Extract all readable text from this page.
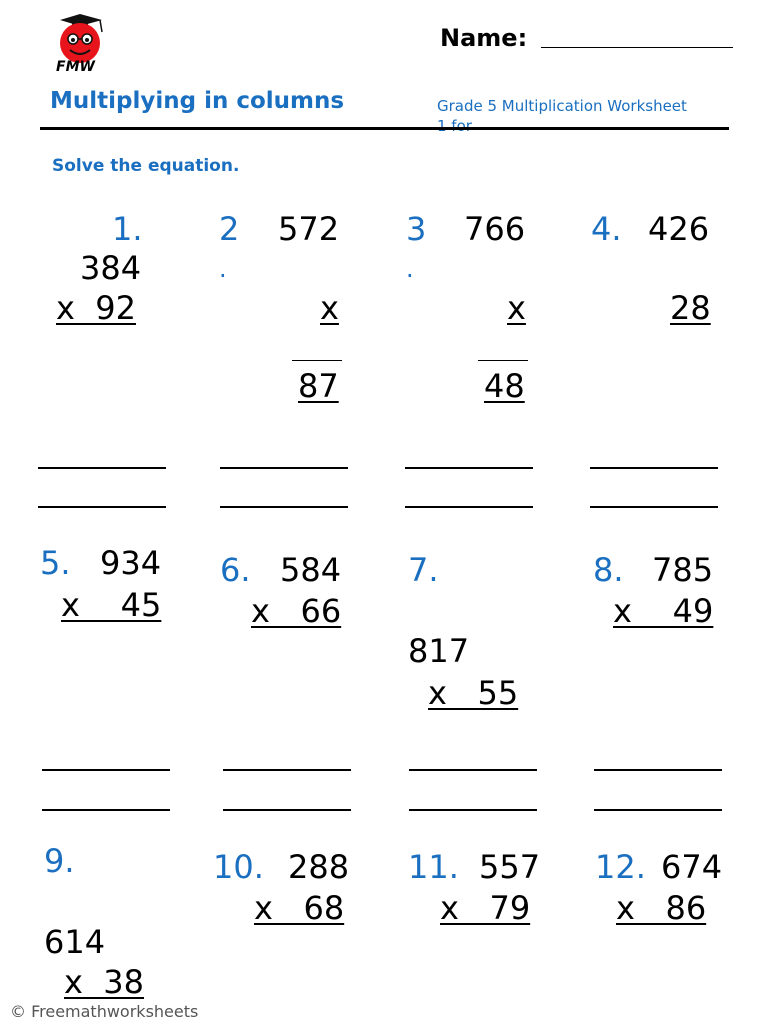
FMW
Name:
Multiplying in columns	Grade 5 Multiplication Worksheet 1 for
Solve the equation.
1.
384
x  92
2
.
572
x
87
3
.
766
x
48
4. 426
28
5. 934
x    45
6. 584
x   66
7.
817
x   55
8. 785
x    49
9.
614
x  38
10. 288
x   68
11. 557
x   79
12. 674
x   86
© Freemathworksheets
